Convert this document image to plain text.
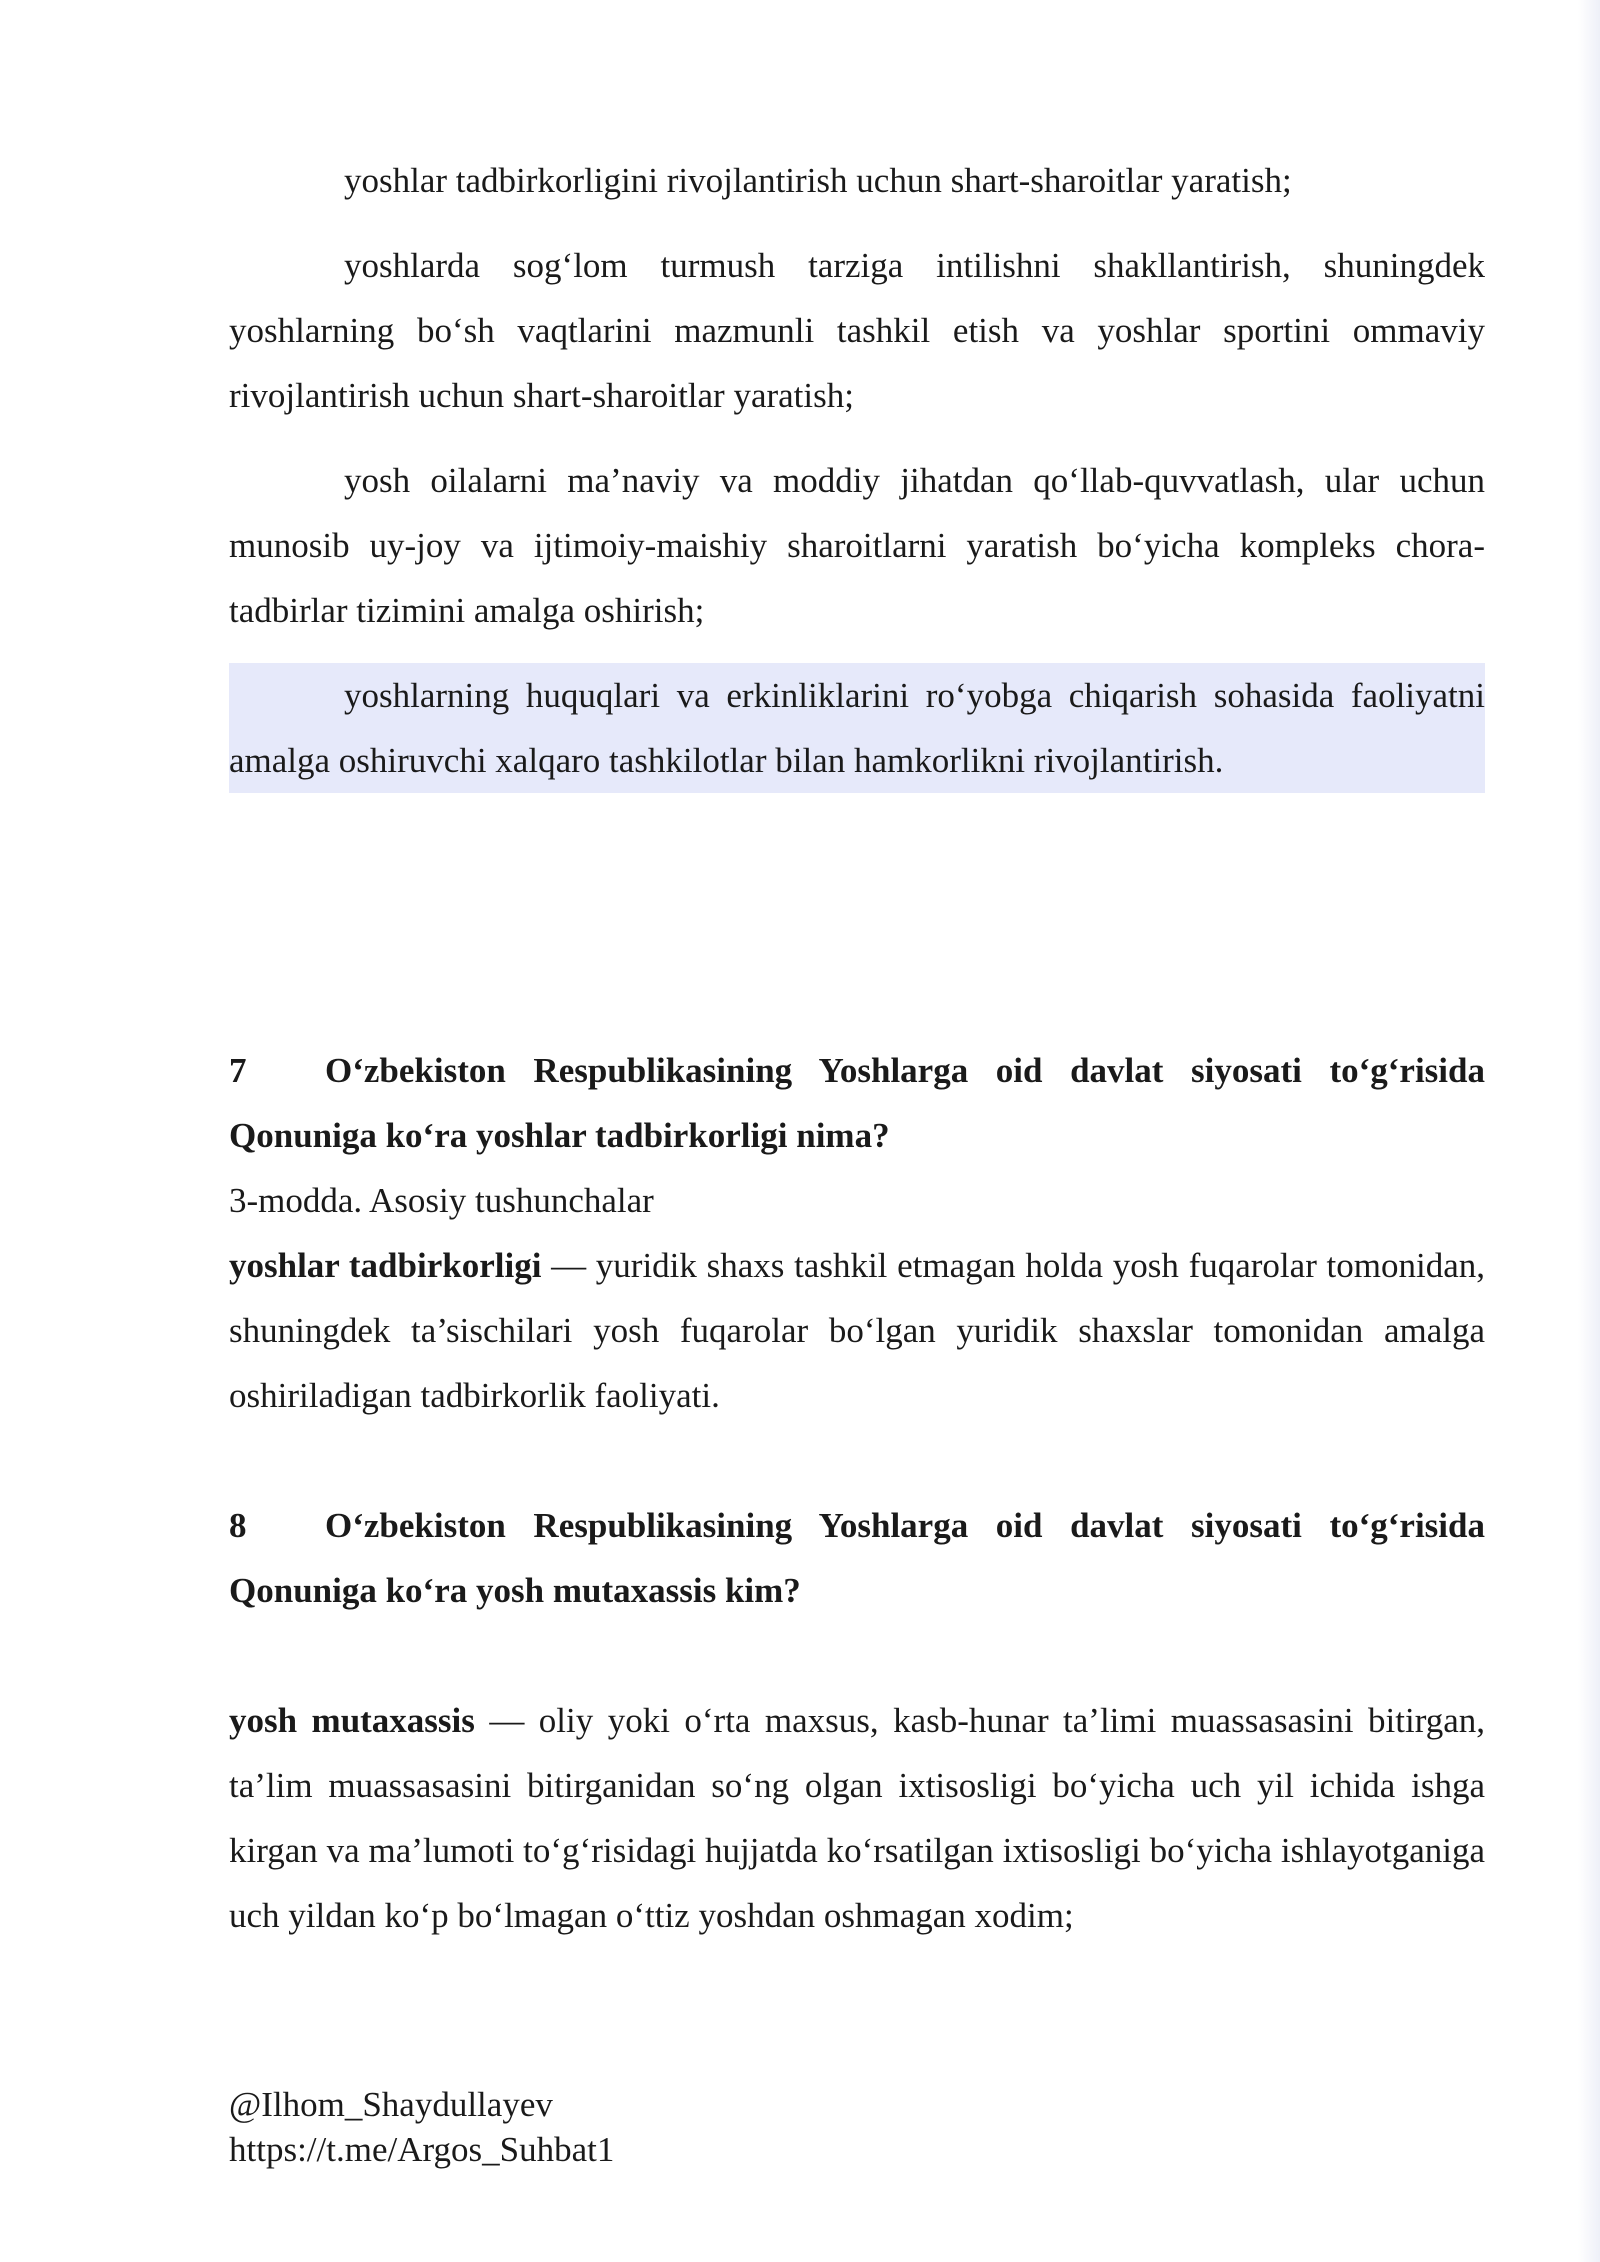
yoshlar tadbirkorligini rivojlantirish uchun shart-sharoitlar yaratish;

yoshlarda sog‘lom turmush tarziga intilishni shakllantirish, shuningdek yoshlarning bo‘sh vaqtlarini mazmunli tashkil etish va yoshlar sportini ommaviy rivojlantirish uchun shart-sharoitlar yaratish;

yosh oilalarni ma’naviy va moddiy jihatdan qo‘llab-quvvatlash, ular uchun munosib uy-joy va ijtimoiy-maishiy sharoitlarni yaratish bo‘yicha kompleks chora-tadbirlar tizimini amalga oshirish;

yoshlarning huquqlari va erkinliklarini ro‘yobga chiqarish sohasida faoliyatni amalga oshiruvchi xalqaro tashkilotlar bilan hamkorlikni rivojlantirish.

7 O‘zbekiston Respublikasining Yoshlarga oid davlat siyosati to‘g‘risida Qonuniga ko‘ra yoshlar tadbirkorligi nima?

3-modda. Asosiy tushunchalar

yoshlar tadbirkorligi — yuridik shaxs tashkil etmagan holda yosh fuqarolar tomonidan, shuningdek ta’sischilari yosh fuqarolar bo‘lgan yuridik shaxslar tomonidan amalga oshiriladigan tadbirkorlik faoliyati.

8 O‘zbekiston Respublikasining Yoshlarga oid davlat siyosati to‘g‘risida Qonuniga ko‘ra yosh mutaxassis kim?

yosh mutaxassis — oliy yoki o‘rta maxsus, kasb-hunar ta’limi muassasasini bitirgan, ta’lim muassasasini bitirganidan so‘ng olgan ixtisosligi bo‘yicha uch yil ichida ishga kirgan va ma’lumoti to‘g‘risidagi hujjatda ko‘rsatilgan ixtisosligi bo‘yicha ishlayotganiga uch yildan ko‘p bo‘lmagan o‘ttiz yoshdan oshmagan xodim;

@Ilhom_Shaydullayev
https://t.me/Argos_Suhbat1
